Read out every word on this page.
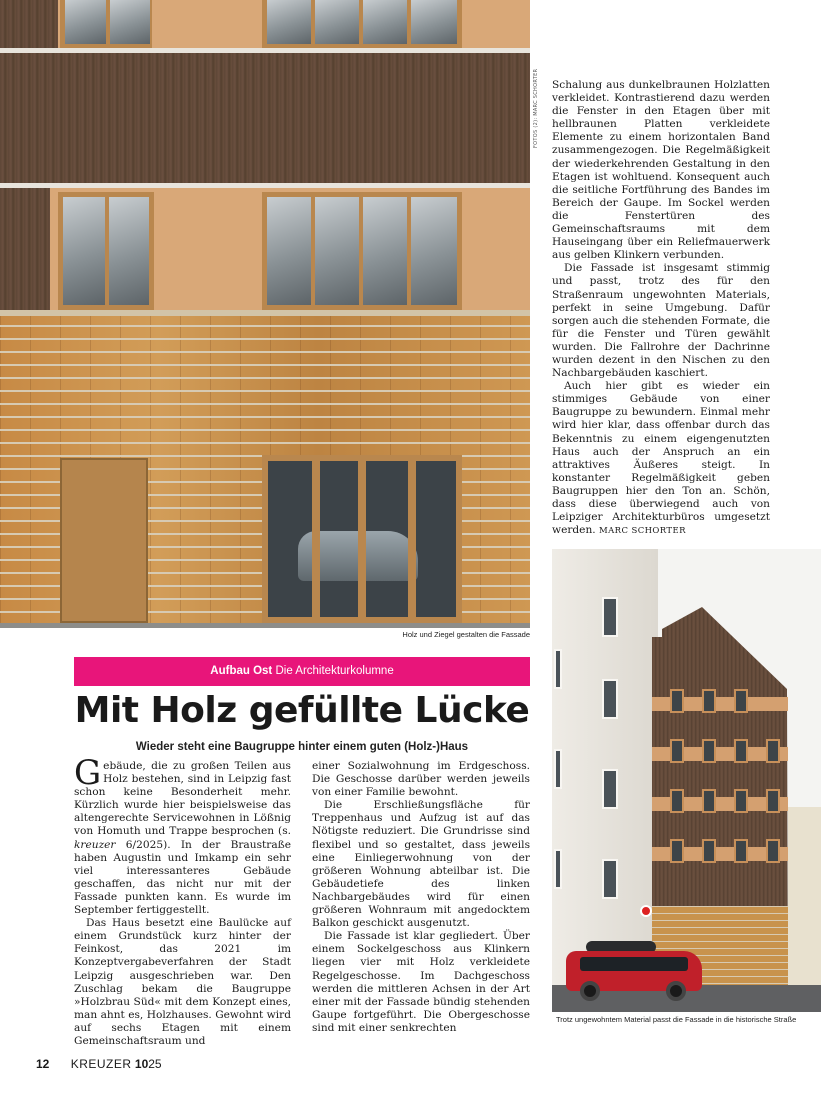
FOTOS (2): MARC SCHORTER
Holz und Ziegel gestalten die Fassade

Schalung aus dunkelbraunen Holzlatten verkleidet. Kontrastierend dazu werden die Fenster in den Etagen über mit hellbraunen Platten verkleidete Elemente zu einem horizontalen Band zusammengezogen. Die Regelmäßigkeit der wiederkehrenden Gestaltung in den Etagen ist wohltuend. Konsequent auch die seitliche Fortführung des Bandes im Bereich der Gaupe. Im Sockel werden die Fenstertüren des Gemeinschaftsraums mit dem Hauseingang über ein Reliefmauerwerk aus gelben Klinkern verbunden.

Die Fassade ist insgesamt stimmig und passt, trotz des für den Straßenraum ungewohnten Materials, perfekt in seine Umgebung. Dafür sorgen auch die stehenden Formate, die für die Fenster und Türen gewählt wurden. Die Fallrohre der Dachrinne wurden dezent in den Nischen zu den Nachbargebäuden kaschiert.

Auch hier gibt es wieder ein stimmiges Gebäude von einer Baugruppe zu bewundern. Einmal mehr wird hier klar, dass offenbar durch das Bekenntnis zu einem eigengenutzten Haus auch der Anspruch an ein attraktives Äußeres steigt. In konstanter Regelmäßigkeit geben Baugruppen hier den Ton an. Schön, dass diese überwiegend auch von Leipziger Architekturbüros umgesetzt werden. MARC SCHORTER

Aufbau Ost Die Architekturkolumne
Mit Holz gefüllte Lücke
Wieder steht eine Baugruppe hinter einem guten (Holz-)Haus

Gebäude, die zu großen Teilen aus Holz bestehen, sind in Leipzig fast schon keine Besonderheit mehr. Kürzlich wurde hier beispielsweise das altengerechte Servicewohnen in Lößnig von Homuth und Trappe besprochen (s. kreuzer 6/2025). In der Braustraße haben Augustin und Imkamp ein sehr viel interessanteres Gebäude geschaffen, das nicht nur mit der Fassade punkten kann. Es wurde im September fertiggestellt.

Das Haus besetzt eine Baulücke auf einem Grundstück kurz hinter der Feinkost, das 2021 im Konzeptvergabeverfahren der Stadt Leipzig ausgeschrieben war. Den Zuschlag bekam die Baugruppe »Holzbrau Süd« mit dem Konzept eines, man ahnt es, Holzhauses. Gewohnt wird auf sechs Etagen mit einem Gemeinschaftsraum und

einer Sozialwohnung im Erdgeschoss. Die Geschosse darüber werden jeweils von einer Familie bewohnt.

Die Erschließungsfläche für Treppenhaus und Aufzug ist auf das Nötigste reduziert. Die Grundrisse sind flexibel und so gestaltet, dass jeweils eine Einliegerwohnung von der größeren Wohnung abteilbar ist. Die Gebäudetiefe des linken Nachbargebäudes wird für einen größeren Wohnraum mit angedocktem Balkon geschickt ausgenutzt.

Die Fassade ist klar gegliedert. Über einem Sockelgeschoss aus Klinkern liegen vier mit Holz verkleidete Regelgeschosse. Im Dachgeschoss werden die mittleren Achsen in der Art einer mit der Fassade bündig stehenden Gaupe fortgeführt. Die Obergeschosse sind mit einer senkrechten

Trotz ungewohntem Material passt die Fassade in die historische Straße
12 KREUZER 1025
